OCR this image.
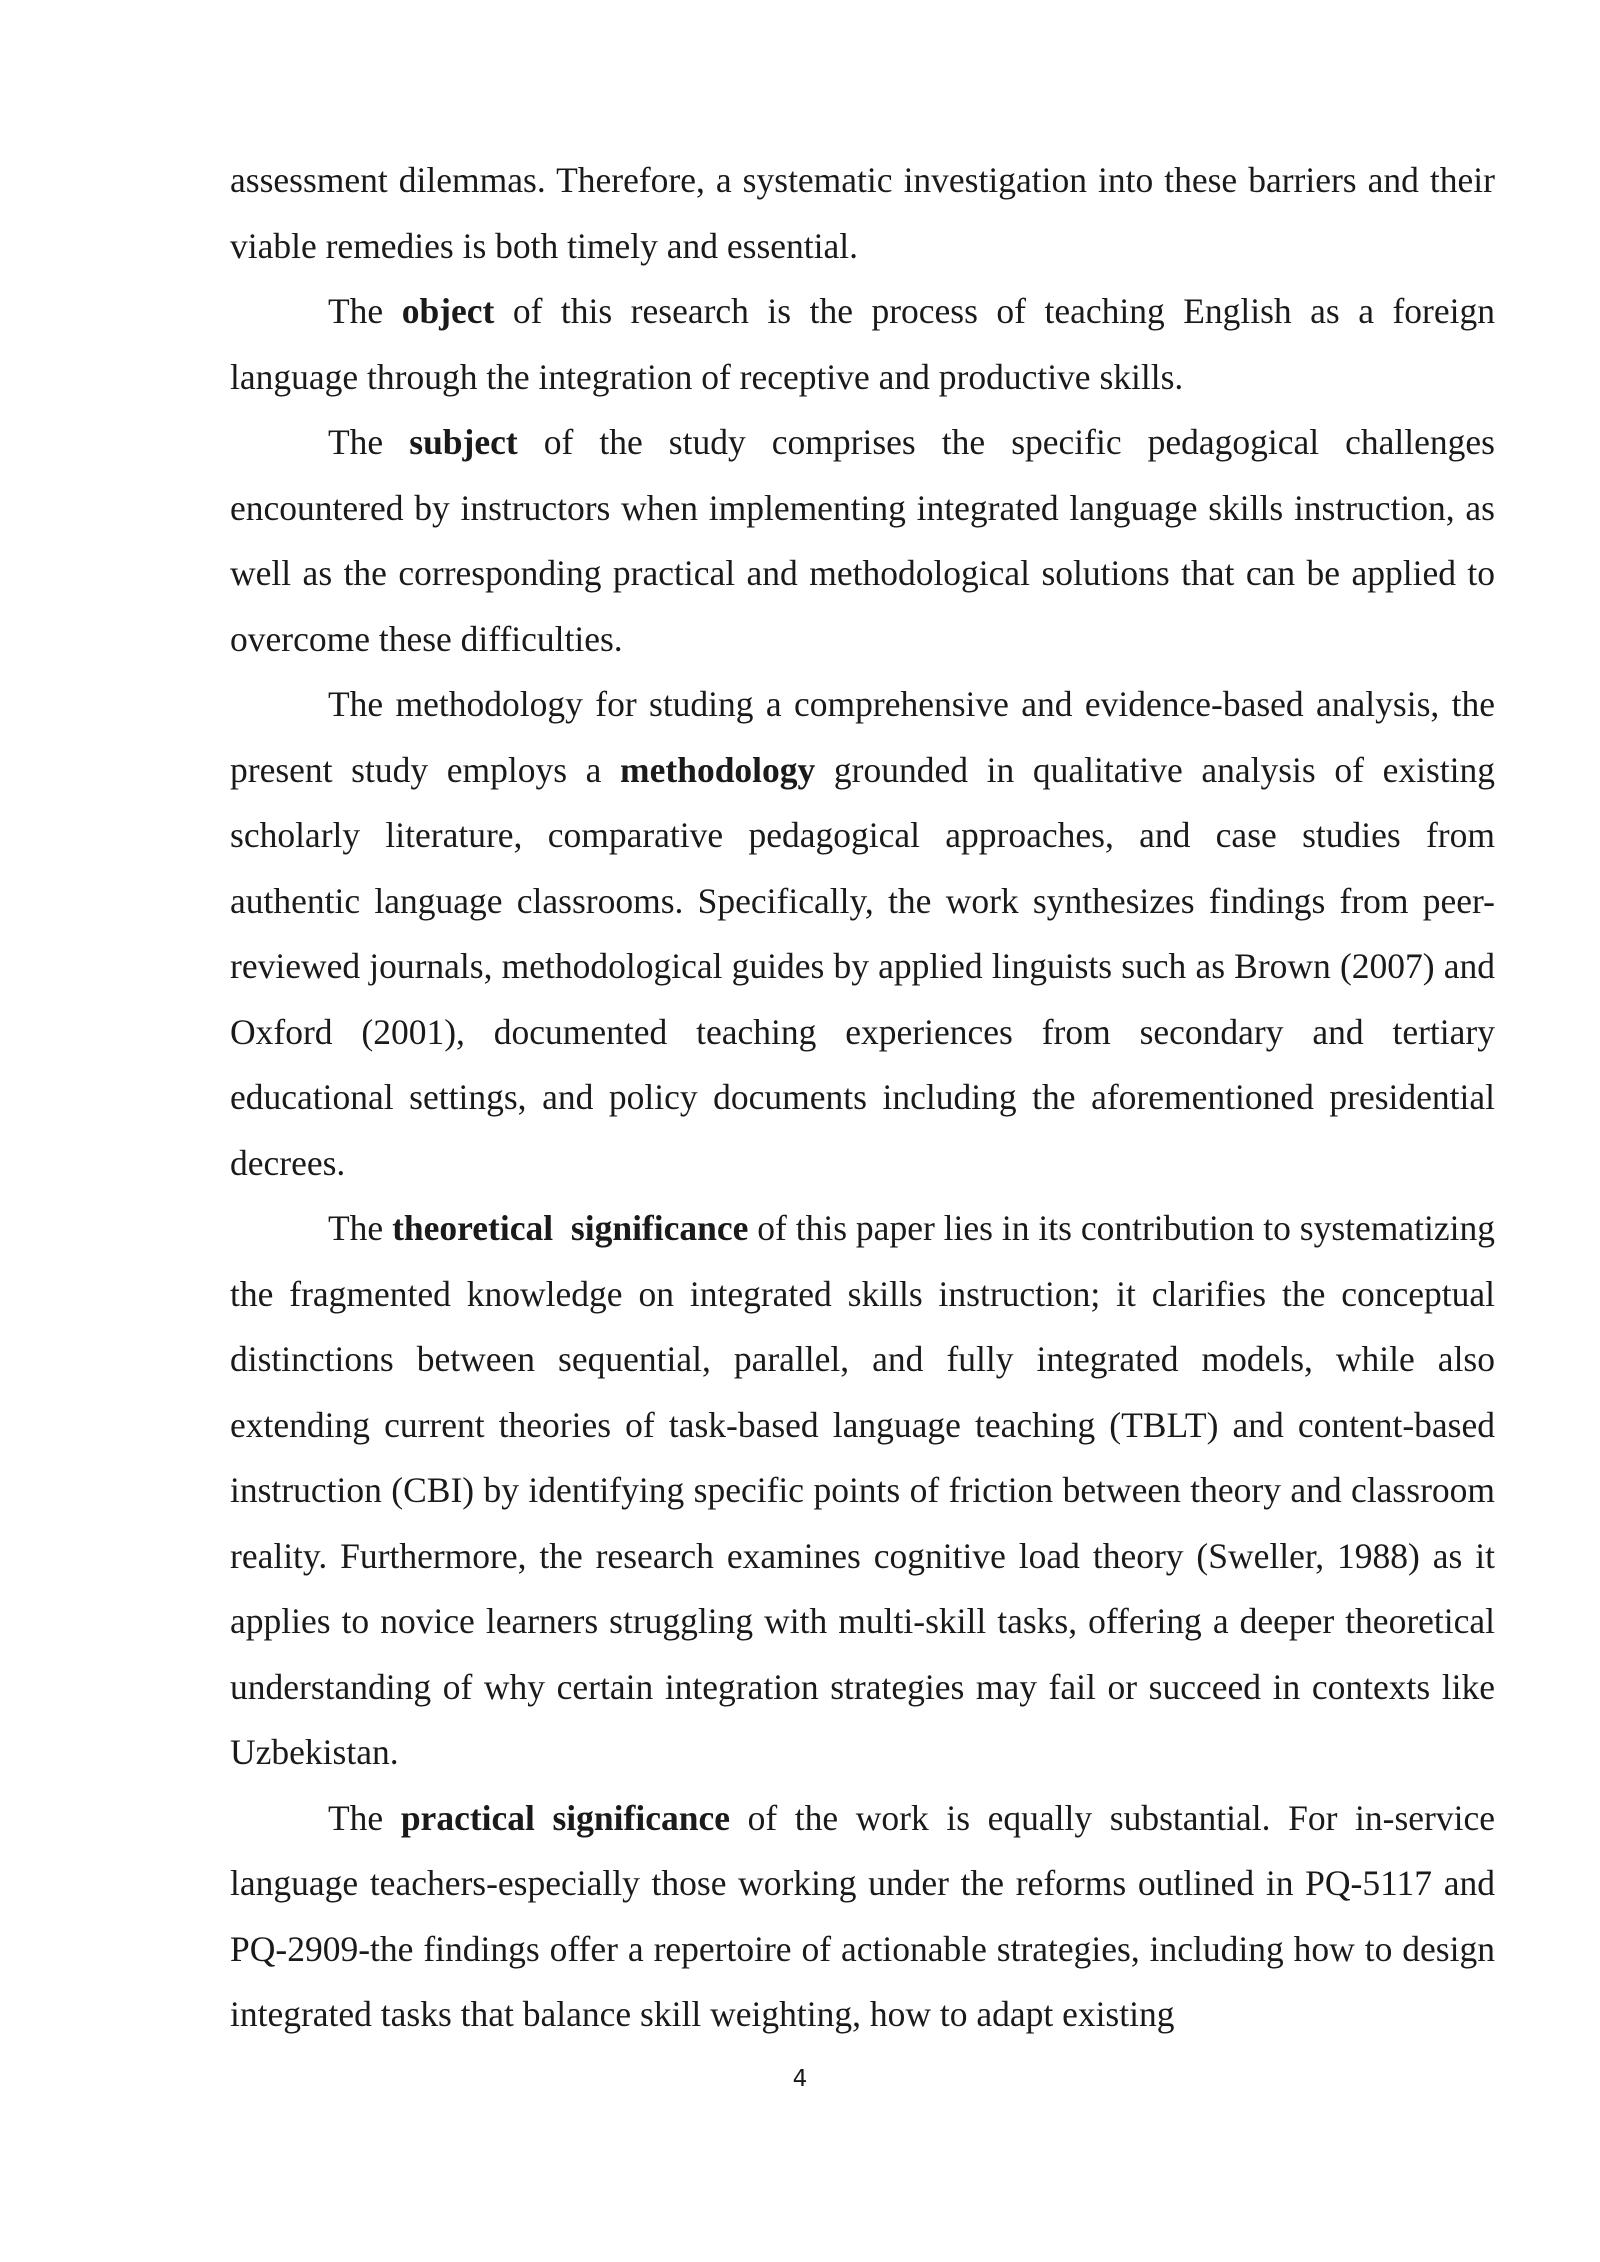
assessment dilemmas. Therefore, a systematic investigation into these barriers and their viable remedies is both timely and essential.

The object of this research is the process of teaching English as a foreign language through the integration of receptive and productive skills.

The subject of the study comprises the specific pedagogical challenges encountered by instructors when implementing integrated language skills instruction, as well as the corresponding practical and methodological solutions that can be applied to overcome these difficulties.

The methodology for studing a comprehensive and evidence-based analysis, the present study employs a methodology grounded in qualitative analysis of existing scholarly literature, comparative pedagogical approaches, and case studies from authentic language classrooms. Specifically, the work synthesizes findings from peer-reviewed journals, methodological guides by applied linguists such as Brown (2007) and Oxford (2001), documented teaching experiences from secondary and tertiary educational settings, and policy documents including the aforementioned presidential decrees.

The theoretical  significance of this paper lies in its contribution to systematizing the fragmented knowledge on integrated skills instruction; it clarifies the conceptual distinctions between sequential, parallel, and fully integrated models, while also extending current theories of task-based language teaching (TBLT) and content-based instruction (CBI) by identifying specific points of friction between theory and classroom reality. Furthermore, the research examines cognitive load theory (Sweller, 1988) as it applies to novice learners struggling with multi-skill tasks, offering a deeper theoretical understanding of why certain integration strategies may fail or succeed in contexts like Uzbekistan.

The practical significance of the work is equally substantial. For in-service language teachers-especially those working under the reforms outlined in PQ-5117 and PQ-2909-the findings offer a repertoire of actionable strategies, including how to design integrated tasks that balance skill weighting, how to adapt existing

4
